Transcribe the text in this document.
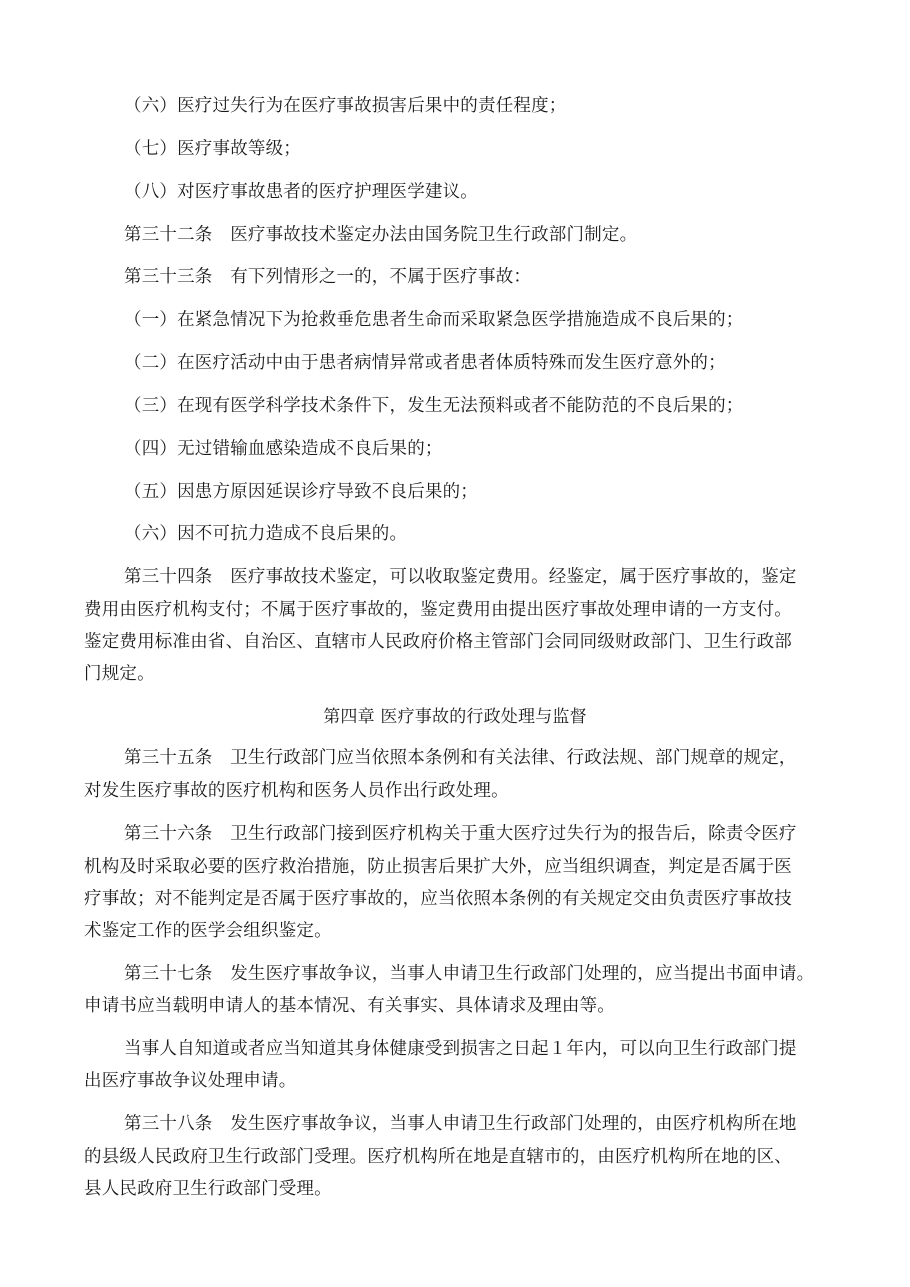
（六）医疗过失行为在医疗事故损害后果中的责任程度；
（七）医疗事故等级；
（八）对医疗事故患者的医疗护理医学建议。
第三十二条　医疗事故技术鉴定办法由国务院卫生行政部门制定。
第三十三条　有下列情形之一的，不属于医疗事故：
（一）在紧急情况下为抢救垂危患者生命而采取紧急医学措施造成不良后果的；
（二）在医疗活动中由于患者病情异常或者患者体质特殊而发生医疗意外的；
（三）在现有医学科学技术条件下，发生无法预料或者不能防范的不良后果的；
（四）无过错输血感染造成不良后果的；
（五）因患方原因延误诊疗导致不良后果的；
（六）因不可抗力造成不良后果的。
第三十四条　医疗事故技术鉴定，可以收取鉴定费用。经鉴定，属于医疗事故的，鉴定
费用由医疗机构支付；不属于医疗事故的，鉴定费用由提出医疗事故处理申请的一方支付。
鉴定费用标准由省、自治区、直辖市人民政府价格主管部门会同同级财政部门、卫生行政部
门规定。
第四章 医疗事故的行政处理与监督
第三十五条　卫生行政部门应当依照本条例和有关法律、行政法规、部门规章的规定，
对发生医疗事故的医疗机构和医务人员作出行政处理。
第三十六条　卫生行政部门接到医疗机构关于重大医疗过失行为的报告后，除责令医疗
机构及时采取必要的医疗救治措施，防止损害后果扩大外，应当组织调查，判定是否属于医
疗事故；对不能判定是否属于医疗事故的，应当依照本条例的有关规定交由负责医疗事故技
术鉴定工作的医学会组织鉴定。
第三十七条　发生医疗事故争议，当事人申请卫生行政部门处理的，应当提出书面申请。
申请书应当载明申请人的基本情况、有关事实、具体请求及理由等。
当事人自知道或者应当知道其身体健康受到损害之日起１年内，可以向卫生行政部门提
出医疗事故争议处理申请。
第三十八条　发生医疗事故争议，当事人申请卫生行政部门处理的，由医疗机构所在地
的县级人民政府卫生行政部门受理。医疗机构所在地是直辖市的，由医疗机构所在地的区、
县人民政府卫生行政部门受理。
